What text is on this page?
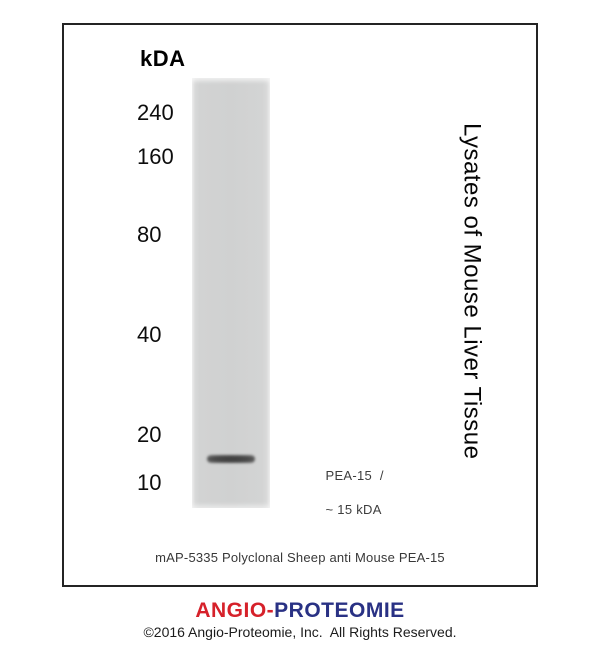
kDA
240
160
80
40
20
10	PEA-15  /

~ 15 kDA

Lysates of Mouse Liver Tissue
mAP-5335 Polyclonal Sheep anti Mouse PEA-15
ANGIO-PROTEOMIE
©2016 Angio-Proteomie, Inc.  All Rights Reserved.
